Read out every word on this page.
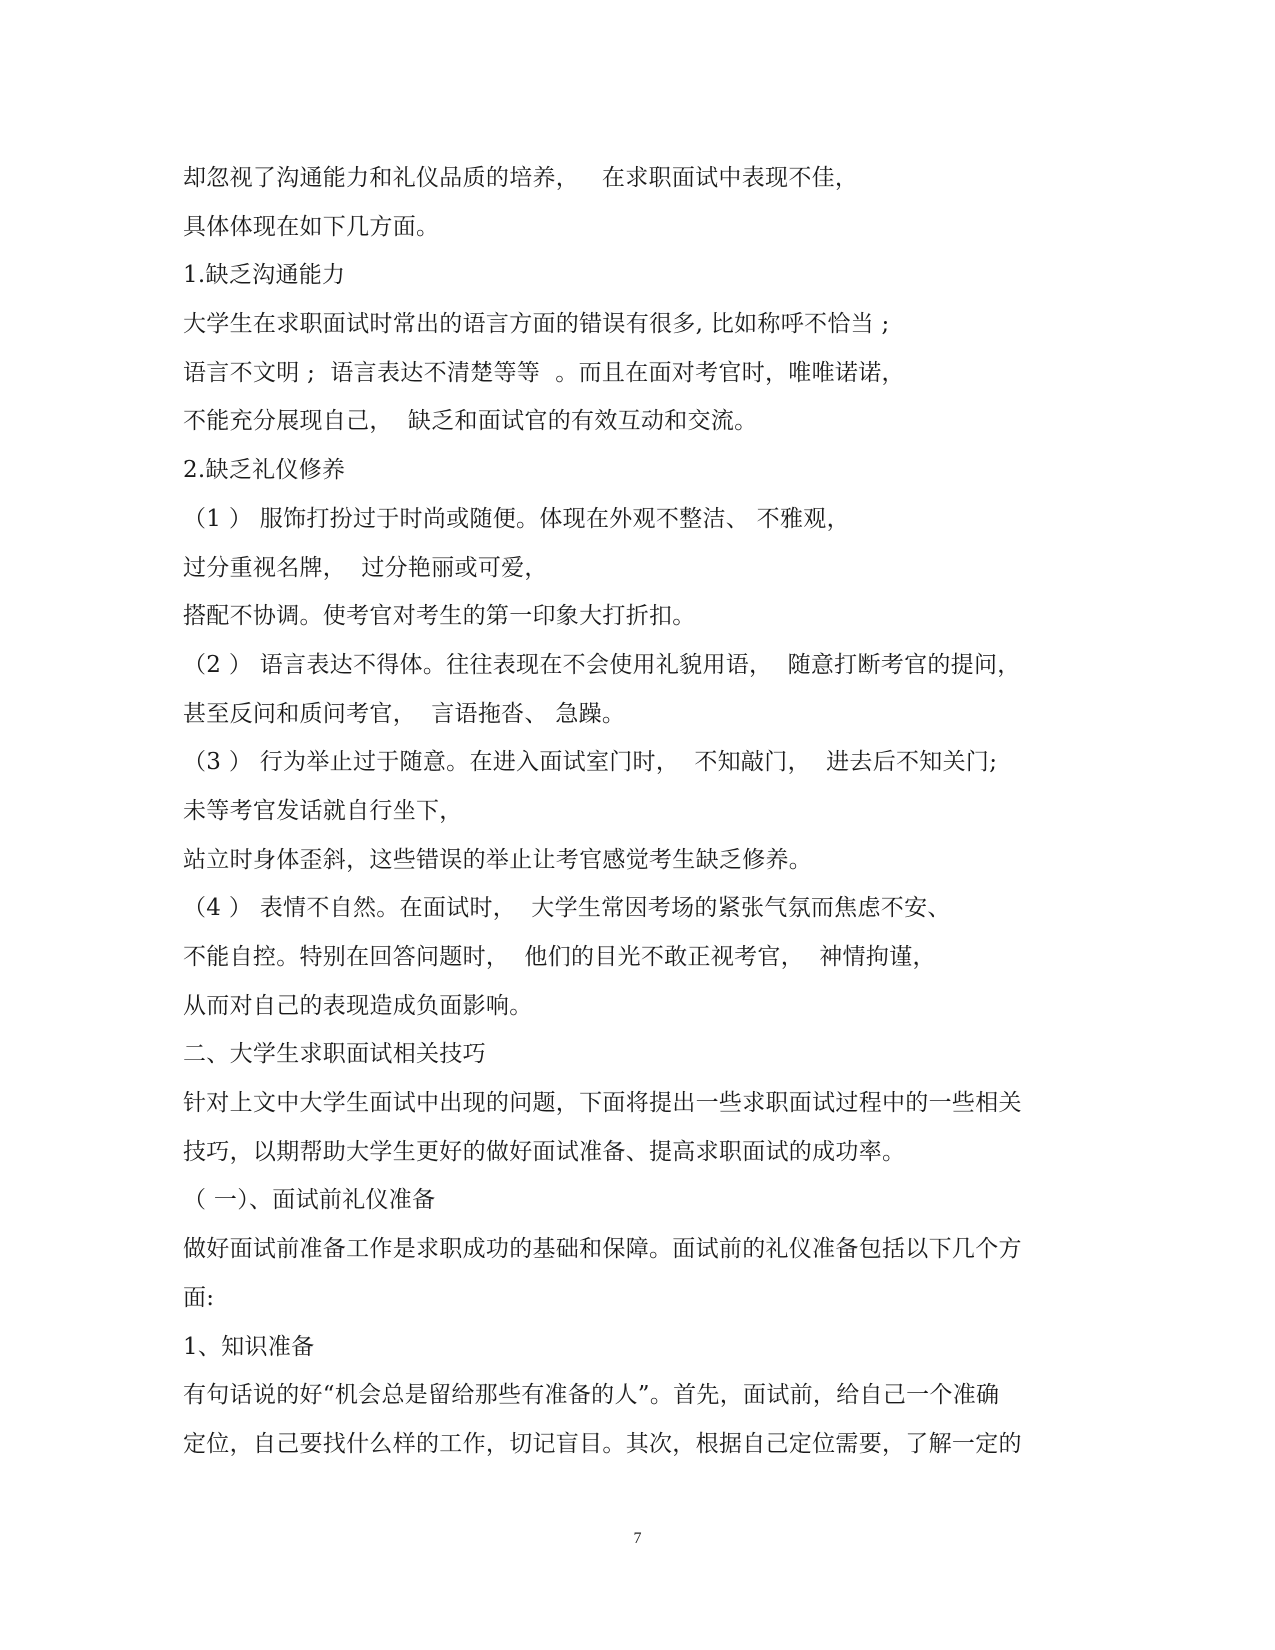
却忽视了沟通能力和礼仪品质的培养，   在求职面试中表现不佳，
具体体现在如下几方面。
1.缺乏沟通能力
大学生在求职面试时常出的语言方面的错误有很多, 比如称呼不恰当 ;
语言不文明 ;  语言表达不清楚等等  。而且在面对考官时，唯唯诺诺，
不能充分展现自己，  缺乏和面试官的有效互动和交流。
2.缺乏礼仪修养
（1 ） 服饰打扮过于时尚或随便。体现在外观不整洁、 不雅观，
过分重视名牌，  过分艳丽或可爱，
搭配不协调。使考官对考生的第一印象大打折扣。
（2 ） 语言表达不得体。往往表现在不会使用礼貌用语，  随意打断考官的提问，
甚至反问和质问考官，  言语拖沓、 急躁。
（3 ） 行为举止过于随意。在进入面试室门时，  不知敲门，  进去后不知关门;
未等考官发话就自行坐下，
站立时身体歪斜，这些错误的举止让考官感觉考生缺乏修养。
（4 ） 表情不自然。在面试时，  大学生常因考场的紧张气氛而焦虑不安、
不能自控。特别在回答问题时，  他们的目光不敢正视考官，  神情拘谨，
从而对自己的表现造成负面影响。
二、大学生求职面试相关技巧
针对上文中大学生面试中出现的问题，下面将提出一些求职面试过程中的一些相关
技巧，以期帮助大学生更好的做好面试准备、提高求职面试的成功率。
（ 一）、面试前礼仪准备
做好面试前准备工作是求职成功的基础和保障。面试前的礼仪准备包括以下几个方
面:
1、知识准备
有句话说的好“机会总是留给那些有准备的人”。首先，面试前，给自己一个准确
定位，自己要找什么样的工作，切记盲目。其次，根据自己定位需要，了解一定的
7
